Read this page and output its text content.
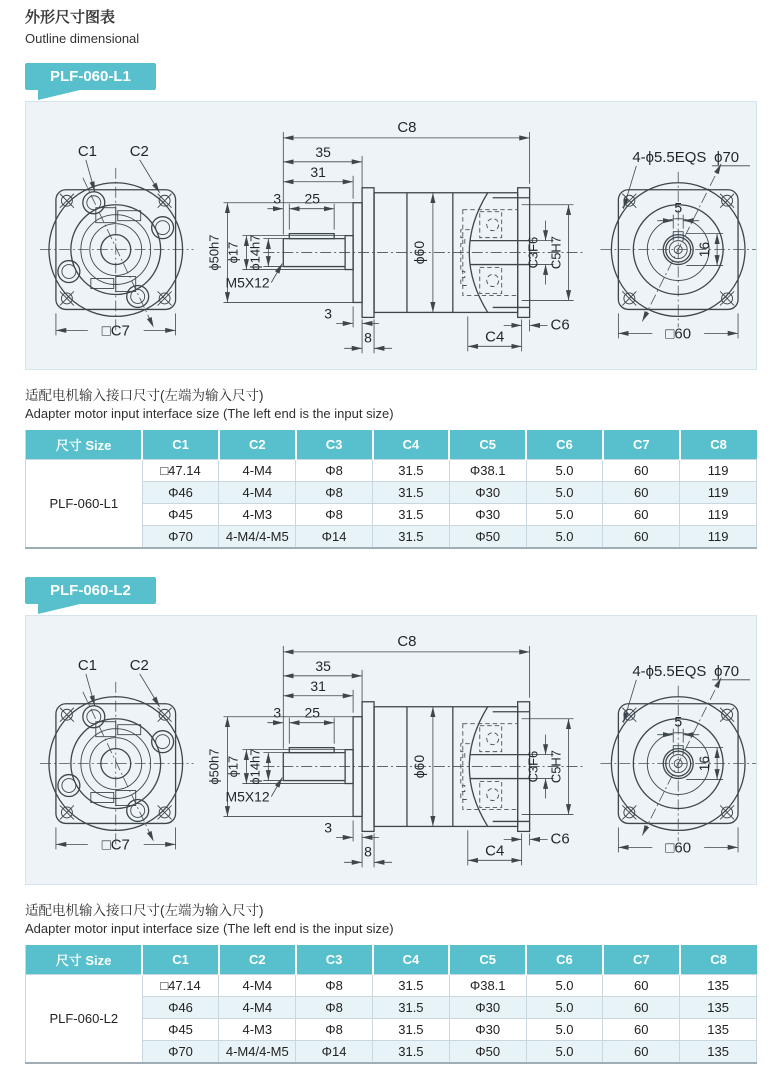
外形尺寸图表
Outline dimensional
PLF-060-L1
C1 C2
□C7
C8
35
31
25
3
ϕ50h7 ϕ17 ϕ14h7
M5X12
ϕ60	C3F6 C5H7
3
8	C4
C6
4-ϕ5.5EQS ϕ70
5
16
□60
适配电机输入接口尺寸(左端为输入尺寸)
Adapter motor input interface size (The left end is the input size)
尺寸 Size	C1	C2	C3	C4	C5	C6	C7	C8
PLF-060-L1	□47.14	4-M4	Φ8	31.5	Φ38.1	5.0	60	119
	Φ46	4-M4	Φ8	31.5	Φ30	5.0	60	119
	Φ45	4-M3	Φ8	31.5	Φ30	5.0	60	119
	Φ70	4-M4/4-M5	Φ14	31.5	Φ50	5.0	60	119
PLF-060-L2
C1 C2
□C7
C8
35
31
25
3
ϕ50h7 ϕ17 ϕ14h7
M5X12
ϕ60	C3F6 C5H7
3
8	C4
C6
4-ϕ5.5EQS ϕ70
5
16
□60
适配电机输入接口尺寸(左端为输入尺寸)
Adapter motor input interface size (The left end is the input size)
尺寸 Size	C1	C2	C3	C4	C5	C6	C7	C8
PLF-060-L2	□47.14	4-M4	Φ8	31.5	Φ38.1	5.0	60	135
	Φ46	4-M4	Φ8	31.5	Φ30	5.0	60	135
	Φ45	4-M3	Φ8	31.5	Φ30	5.0	60	135
	Φ70	4-M4/4-M5	Φ14	31.5	Φ50	5.0	60	135
